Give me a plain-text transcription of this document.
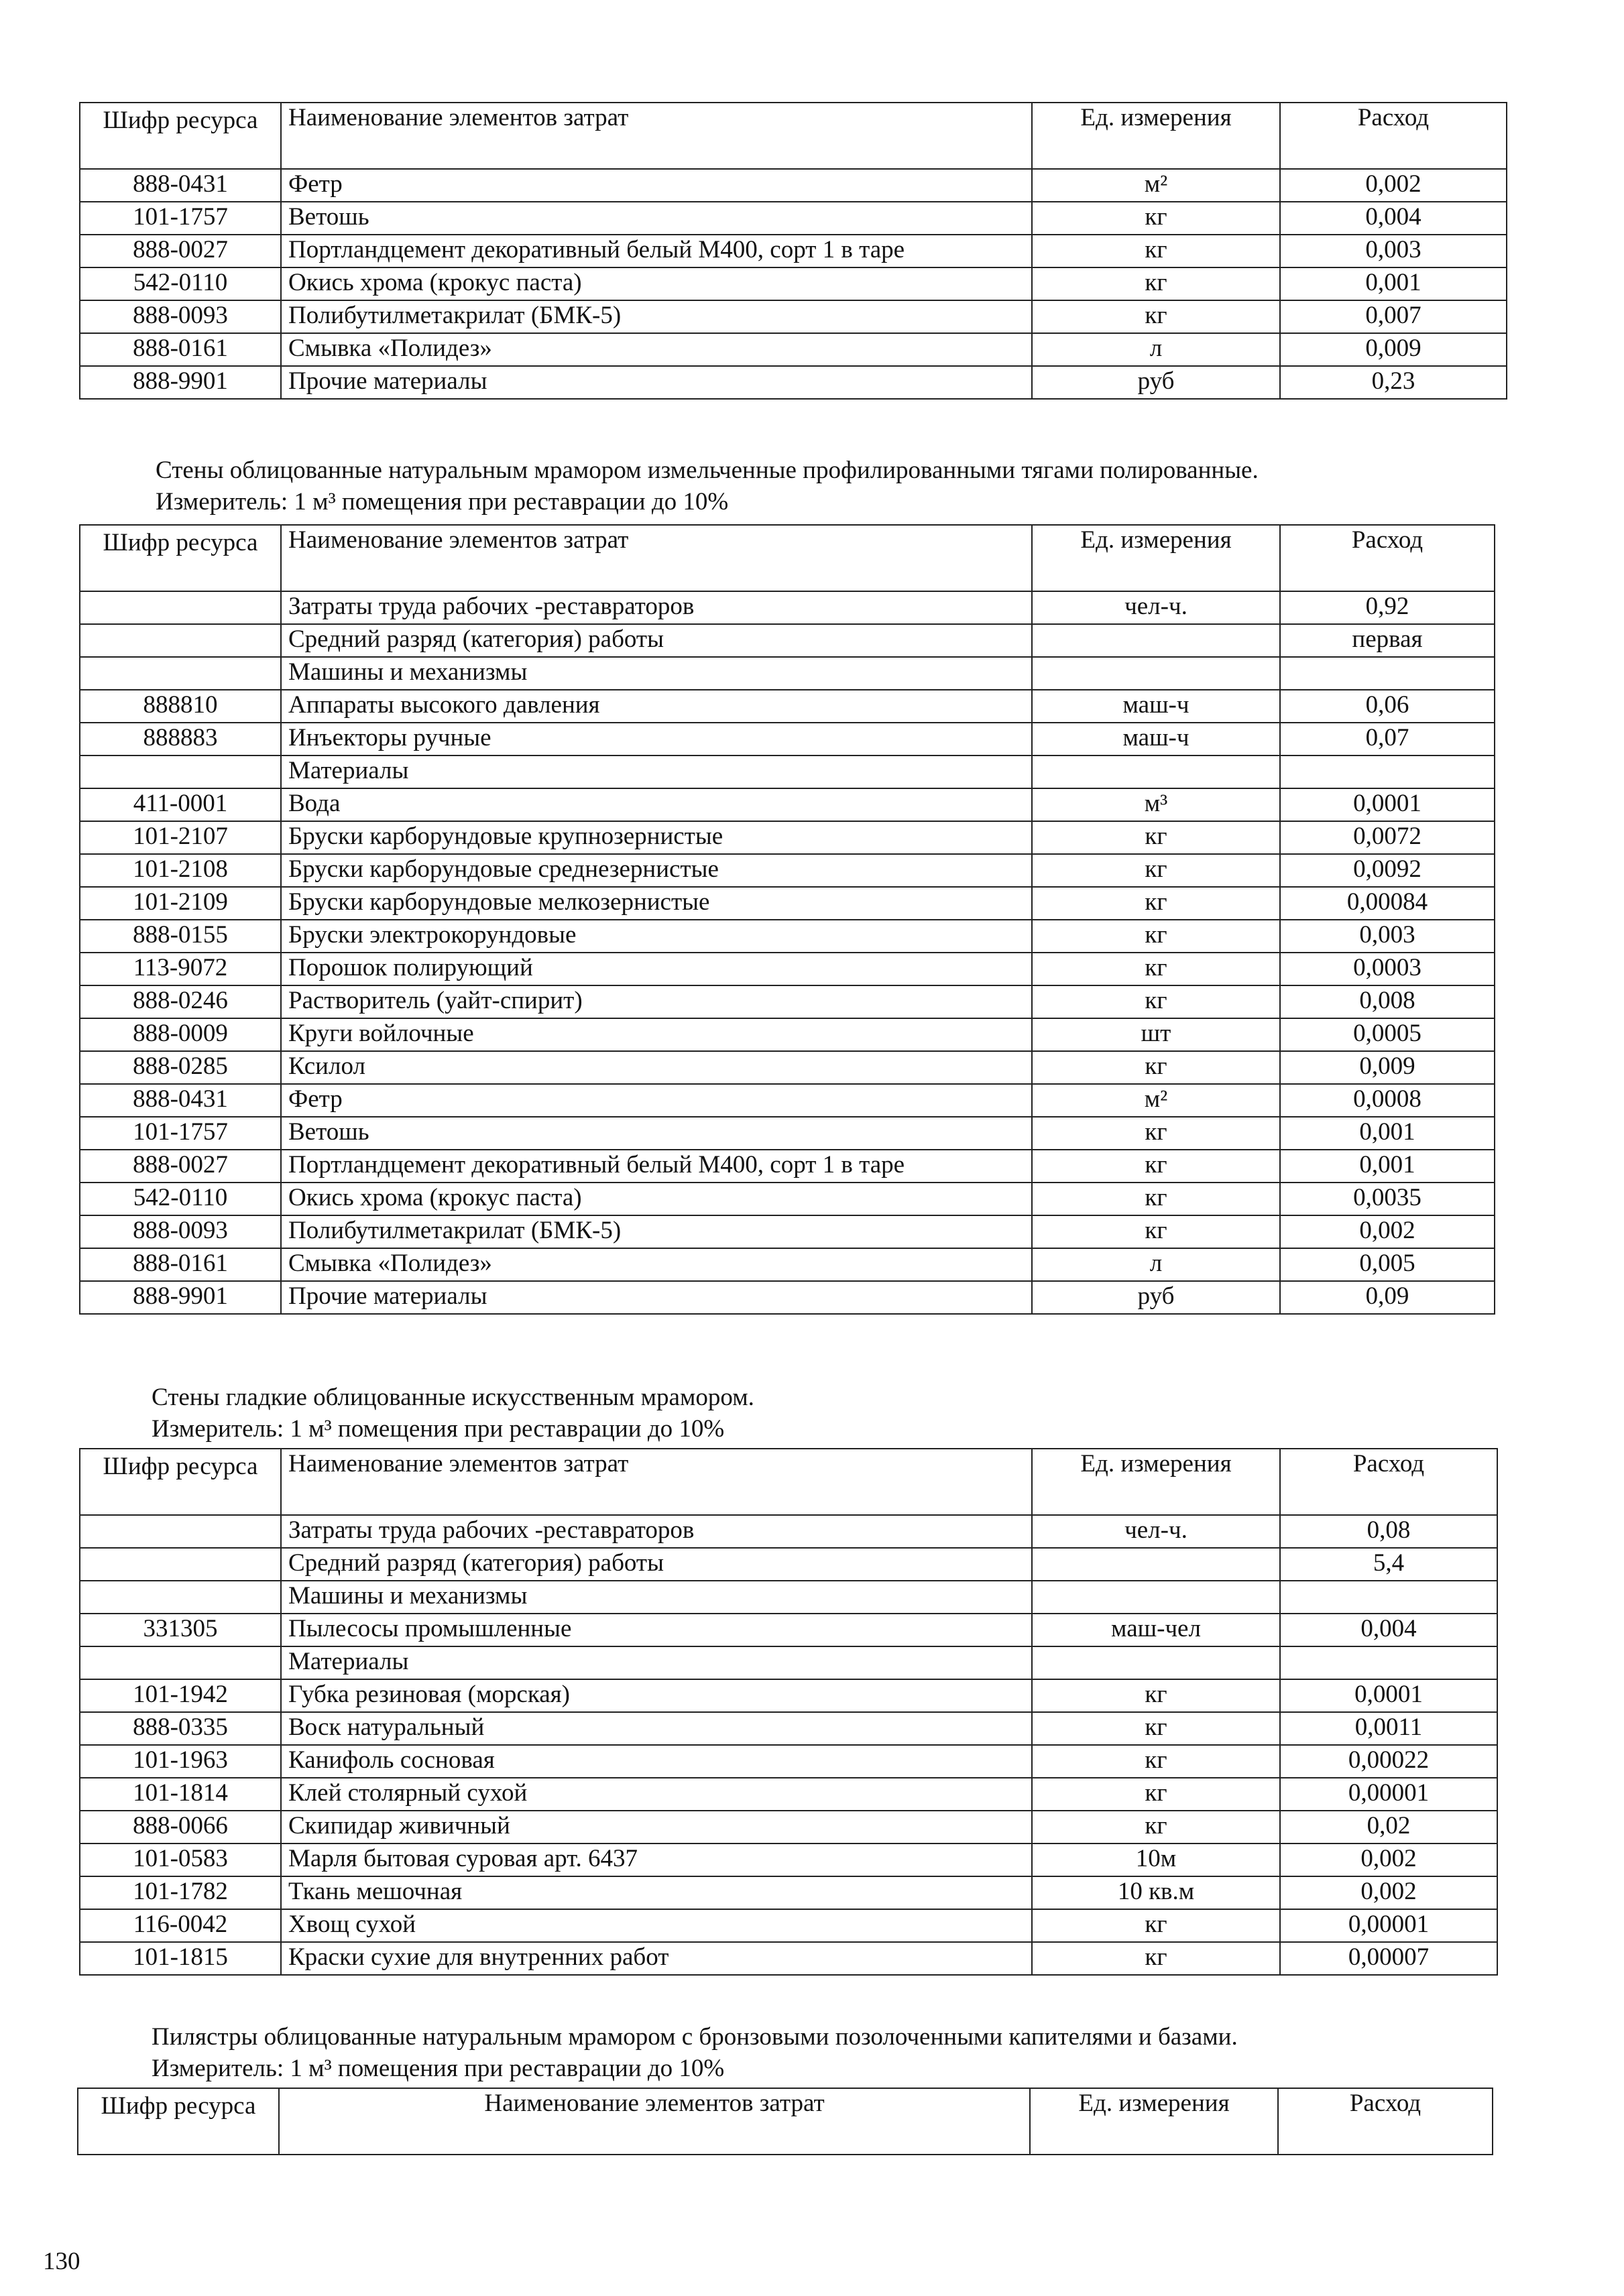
Шифр ресурса	Наименование элементов затрат	Ед. измерения	Расход
888-0431	Фетр	м²	0,002
101-1757	Ветошь	кг	0,004
888-0027	Портландцемент декоративный белый М400, сорт 1 в таре	кг	0,003
542-0110	Окись хрома (крокус паста)	кг	0,001
888-0093	Полибутилметакрилат (БМК-5)	кг	0,007
888-0161	Смывка «Полидез»	л	0,009
888-9901	Прочие материалы	руб	0,23
Стены облицованные натуральным мрамором измельченные профилированными тягами полированные.
Измеритель: 1 м³ помещения при реставрации до 10%
Шифр ресурса	Наименование элементов затрат	Ед. измерения	Расход
	Затраты труда рабочих -реставраторов	чел-ч.	0,92
	Средний разряд (категория) работы		первая
	Машины и механизмы		
888810	Аппараты высокого давления	маш-ч	0,06
888883	Инъекторы ручные	маш-ч	0,07
	Материалы		
411-0001	Вода	м³	0,0001
101-2107	Бруски карборундовые крупнозернистые	кг	0,0072
101-2108	Бруски карборундовые среднезернистые	кг	0,0092
101-2109	Бруски карборундовые мелкозернистые	кг	0,00084
888-0155	Бруски электрокорундовые	кг	0,003
113-9072	Порошок полирующий	кг	0,0003
888-0246	Растворитель (уайт-спирит)	кг	0,008
888-0009	Круги войлочные	шт	0,0005
888-0285	Ксилол	кг	0,009
888-0431	Фетр	м²	0,0008
101-1757	Ветошь	кг	0,001
888-0027	Портландцемент декоративный белый М400, сорт 1 в таре	кг	0,001
542-0110	Окись хрома (крокус паста)	кг	0,0035
888-0093	Полибутилметакрилат (БМК-5)	кг	0,002
888-0161	Смывка «Полидез»	л	0,005
888-9901	Прочие материалы	руб	0,09
Стены гладкие облицованные искусственным мрамором.
Измеритель: 1 м³ помещения при реставрации до 10%
Шифр ресурса	Наименование элементов затрат	Ед. измерения	Расход
	Затраты труда рабочих -реставраторов	чел-ч.	0,08
	Средний разряд (категория) работы		5,4
	Машины и механизмы		
331305	Пылесосы промышленные	маш-чел	0,004
	Материалы		
101-1942	Губка резиновая (морская)	кг	0,0001
888-0335	Воск натуральный	кг	0,0011
101-1963	Канифоль сосновая	кг	0,00022
101-1814	Клей столярный сухой	кг	0,00001
888-0066	Скипидар живичный	кг	0,02
101-0583	Марля бытовая суровая арт. 6437	10м	0,002
101-1782	Ткань мешочная	10 кв.м	0,002
116-0042	Хвощ сухой	кг	0,00001
101-1815	Краски сухие для внутренних работ	кг	0,00007
Пилястры облицованные натуральным мрамором с бронзовыми позолоченными капителями и базами.
Измеритель: 1 м³ помещения при реставрации до 10%
Шифр ресурса	Наименование элементов затрат	Ед. измерения	Расход
130
